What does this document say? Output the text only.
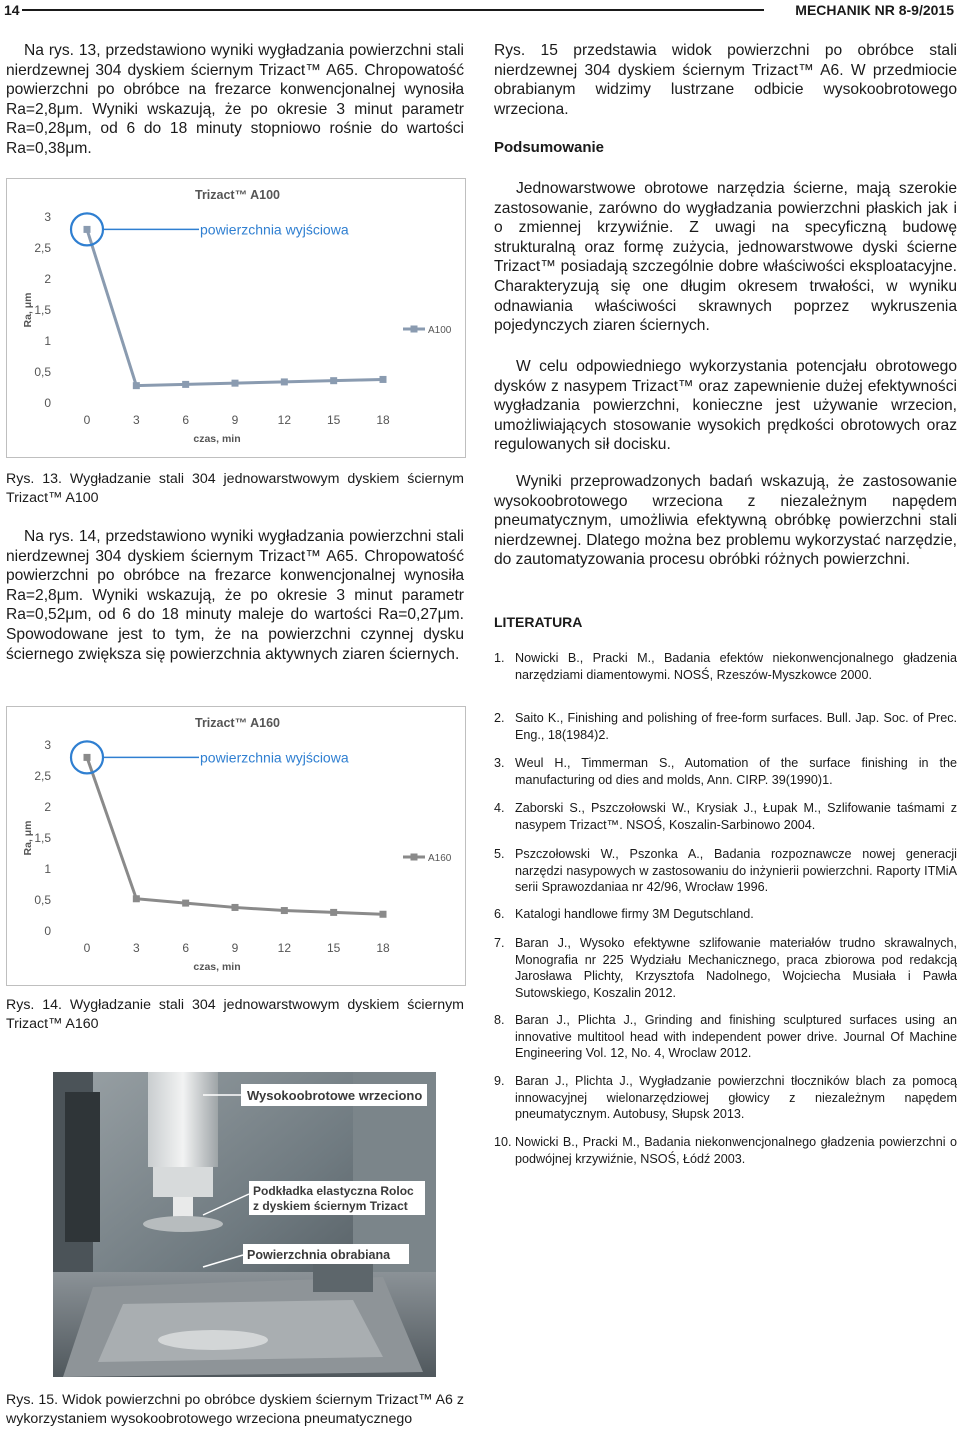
14	MECHANIK NR 8-9/2015

Na rys. 13, przedstawiono wyniki wygładzania powierzchni stali nierdzewnej 304 dyskiem ściernym Trizact™ A65. Chropowatość powierzchni po obróbce na frezarce konwencjonalnej wynosiła Ra=2,8μm. Wyniki wskazują, że po okresie 3 minut parametr Ra=0,28μm, od 6 do 18 minuty stopniowo rośnie do wartości Ra=0,38μm.

Trizact™ A100
0
0,5
1
1,5
2
2,5
3
0	3	6	9	12	15	18
czas, min
Ra, μm
powierzchnia wyjściowa
A100

Rys. 13. Wygładzanie stali 304 jednowarstwowym dyskiem ściernym Trizact™ A100

Na rys. 14, przedstawiono wyniki wygładzania powierzchni stali nierdzewnej 304 dyskiem ściernym Trizact™ A65. Chropowatość powierzchni po obróbce na frezarce konwencjonalnej wynosiła Ra=2,8μm. Wyniki wskazują, że po okresie 3 minut parametr Ra=0,52μm, od 6 do 18 minuty maleje do wartości Ra=0,27μm. Spowodowane jest to tym, że na powierzchni czynnej dysku ściernego zwiększa się powierzchnia aktywnych ziaren ściernych.

Trizact™ A160
0
0,5
1
1,5
2
2,5
3
0	3	6	9	12	15	18
czas, min
Ra, μm
powierzchnia wyjściowa
A160

Rys. 14. Wygładzanie stali 304 jednowarstwowym dyskiem ściernym Trizact™ A160

Wysokoobrotowe wrzeciono
Podkładka elastyczna Roloc
z dyskiem ściernym Trizact
Powierzchnia obrabiana

Rys. 15. Widok powierzchni po obróbce dyskiem ściernym Trizact™ A6 z wykorzystaniem wysokoobrotowego wrzeciona pneumatycznego

Rys. 15 przedstawia widok powierzchni po obróbce stali nierdzewnej 304 dyskiem ściernym Trizact™ A6. W przedmiocie obrabianym widzimy lustrzane odbicie wysokoobrotowego wrzeciona.

Podsumowanie

Jednowarstwowe obrotowe narzędzia ścierne, mają szerokie zastosowanie, zarówno do wygładzania powierzchni płaskich jak i o zmiennej krzywiźnie. Z uwagi na specyficzną budowę strukturalną oraz formę zużycia, jednowarstwowe dyski ścierne Trizact™ posiadają szczególnie dobre właściwości eksploatacyjne. Charakteryzują się one długim okresem trwałości, w wyniku odnawiania właściwości skrawnych poprzez wykruszenia pojedynczych ziaren ściernych.

W celu odpowiedniego wykorzystania potencjału obrotowego dysków z nasypem Trizact™ oraz zapewnienie dużej efektywności wygładzania powierzchni, konieczne jest używanie wrzecion, umożliwiających stosowanie wysokich prędkości obrotowych oraz regulowanych sił docisku.

Wyniki przeprowadzonych badań wskazują, że zastosowanie wysokoobrotowego wrzeciona z niezależnym napędem pneumatycznym, umożliwia efektywną obróbkę powierzchni stali nierdzewnej. Dlatego można bez problemu wykorzystać narzędzie, do zautomatyzowania procesu obróbki różnych powierzchni.

LITERATURA
1. Nowicki B., Pracki M., Badania efektów niekonwencjonalnego gładzenia narzędziami diamentowymi. NOSŚ, Rzeszów-Myszkowce 2000.
2. Saito K., Finishing and polishing of free-form surfaces. Bull. Jap. Soc. of Prec. Eng., 18(1984)2.
3. Weul H., Timmerman S., Automation of the surface finishing in the manufacturing od dies and molds, Ann. CIRP. 39(1990)1.
4. Zaborski S., Pszczołowski W., Krysiak J., Łupak M., Szlifowanie taśmami z nasypem Trizact™. NSOŚ, Koszalin-Sarbinowo 2004.
5. Pszczołowski W., Pszonka A., Badania rozpoznawcze nowej generacji narzędzi nasypowych w zastosowaniu do inżynierii powierzchni. Raporty ITMiA serii Sprawozdaniaa nr 42/96, Wrocław 1996.
6. Katalogi handlowe firmy 3M Degutschland.
7. Baran J., Wysoko efektywne szlifowanie materiałów trudno skrawalnych, Monografia nr 225 Wydziału Mechanicznego, praca zbiorowa pod redakcją Jarosława Plichty, Krzysztofa Nadolnego, Wojciecha Musiała i Pawła Sutowskiego, Koszalin 2012.
8. Baran J., Plichta J., Grinding and finishing sculptured surfaces using an innovative multitool head with independent power drive. Journal Of Machine Engineering Vol. 12, No. 4, Wroclaw 2012.
9. Baran J., Plichta J., Wygładzanie powierzchni tłoczników blach za pomocą innowacyjnej wielonarzędziowej głowicy z niezależnym napędem pneumatycznym. Autobusy, Słupsk 2013.
10. Nowicki B., Pracki M., Badania niekonwencjonalnego gładzenia powierzchni o podwójnej krzywiźnie, NSOŚ, Łódź 2003.
